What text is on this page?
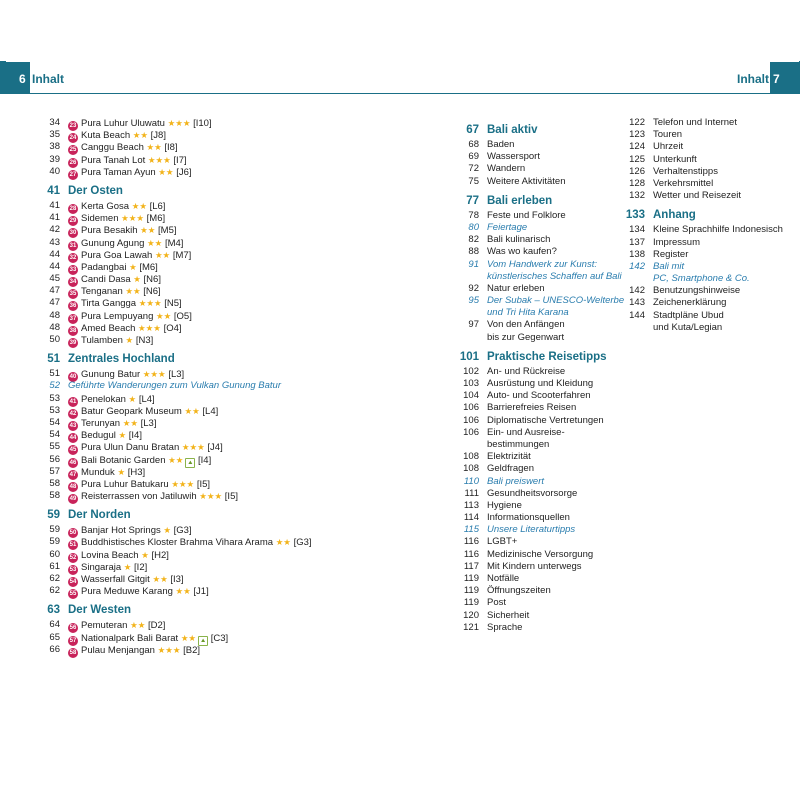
6 Inhalt	Inhalt 7
34 23 Pura Luhur Uluwatu ★★★ [I10]
35 24 Kuta Beach ★★ [J8]
38 25 Canggu Beach ★★ [I8]
39 26 Pura Tanah Lot ★★★ [I7]
40 27 Pura Taman Ayun ★★ [J6]
41 Der Osten
41 28 Kerta Gosa ★★ [L6]
41 29 Sidemen ★★★ [M6]
42 30 Pura Besakih ★★ [M5]
43 31 Gunung Agung ★★ [M4]
44 32 Pura Goa Lawah ★★ [M7]
44 33 Padangbai ★ [M6]
45 34 Candi Dasa ★ [N6]
47 35 Tenganan ★★ [N6]
47 36 Tirta Gangga ★★★ [N5]
48 37 Pura Lempuyang ★★ [O5]
48 38 Amed Beach ★★★ [O4]
50 39 Tulamben ★ [N3]
51 Zentrales Hochland
51 40 Gunung Batur ★★★ [L3]
52 Geführte Wanderungen zum Vulkan Gunung Batur
53 41 Penelokan ★ [L4]
53 42 Batur Geopark Museum ★★ [L4]
54 43 Terunyan ★★ [L3]
54 44 Bedugul ★ [I4]
55 45 Pura Ulun Danu Bratan ★★★ [J4]
56 46 Bali Botanic Garden ★★ ⛰ [I4]
57 47 Munduk ★ [H3]
58 48 Pura Luhur Batukaru ★★★ [I5]
58 49 Reisterrassen von Jatiluwih ★★★ [I5]
59 Der Norden
59 50 Banjar Hot Springs ★ [G3]
59 51 Buddhistisches Kloster Brahma Vihara Arama ★★ [G3]
60 52 Lovina Beach ★ [H2]
61 53 Singaraja ★ [I2]
62 54 Wasserfall Gitgit ★★ [I3]
62 55 Pura Meduwe Karang ★★ [J1]
63 Der Westen
64 56 Pemuteran ★★ [D2]
65 57 Nationalpark Bali Barat ★★ ⛰ [C3]
66 58 Pulau Menjangan ★★★ [B2]
67 Bali aktiv
68 Baden
69 Wassersport
72 Wandern
75 Weitere Aktivitäten
77 Bali erleben
78 Feste und Folklore
80 Feiertage
82 Bali kulinarisch
88 Was wo kaufen?
91 Vom Handwerk zur Kunst:
künstlerisches Schaffen auf Bali
92 Natur erleben
95 Der Subak – UNESCO-Welterbe
und Tri Hita Karana
97 Von den Anfängen
bis zur Gegenwart
101 Praktische Reisetipps
102 An- und Rückreise
103 Ausrüstung und Kleidung
104 Auto- und Scooterfahren
106 Barrierefreies Reisen
106 Diplomatische Vertretungen
106 Ein- und Ausreise-
bestimmungen
108 Elektrizität
108 Geldfragen
110 Bali preiswert
111 Gesundheitsvorsorge
113 Hygiene
114 Informationsquellen
115 Unsere Literaturtipps
116 LGBT+
116 Medizinische Versorgung
117 Mit Kindern unterwegs
119 Notfälle
119 Öffnungszeiten
119 Post
120 Sicherheit
121 Sprache
122 Telefon und Internet
123 Touren
124 Uhrzeit
125 Unterkunft
126 Verhaltenstipps
128 Verkehrsmittel
132 Wetter und Reisezeit
133 Anhang
134 Kleine Sprachhilfe Indonesisch
137 Impressum
138 Register
142 Bali mit
PC, Smartphone & Co.
142 Benutzungshinweise
143 Zeichenerklärung
144 Stadtpläne Ubud
und Kuta/Legian
